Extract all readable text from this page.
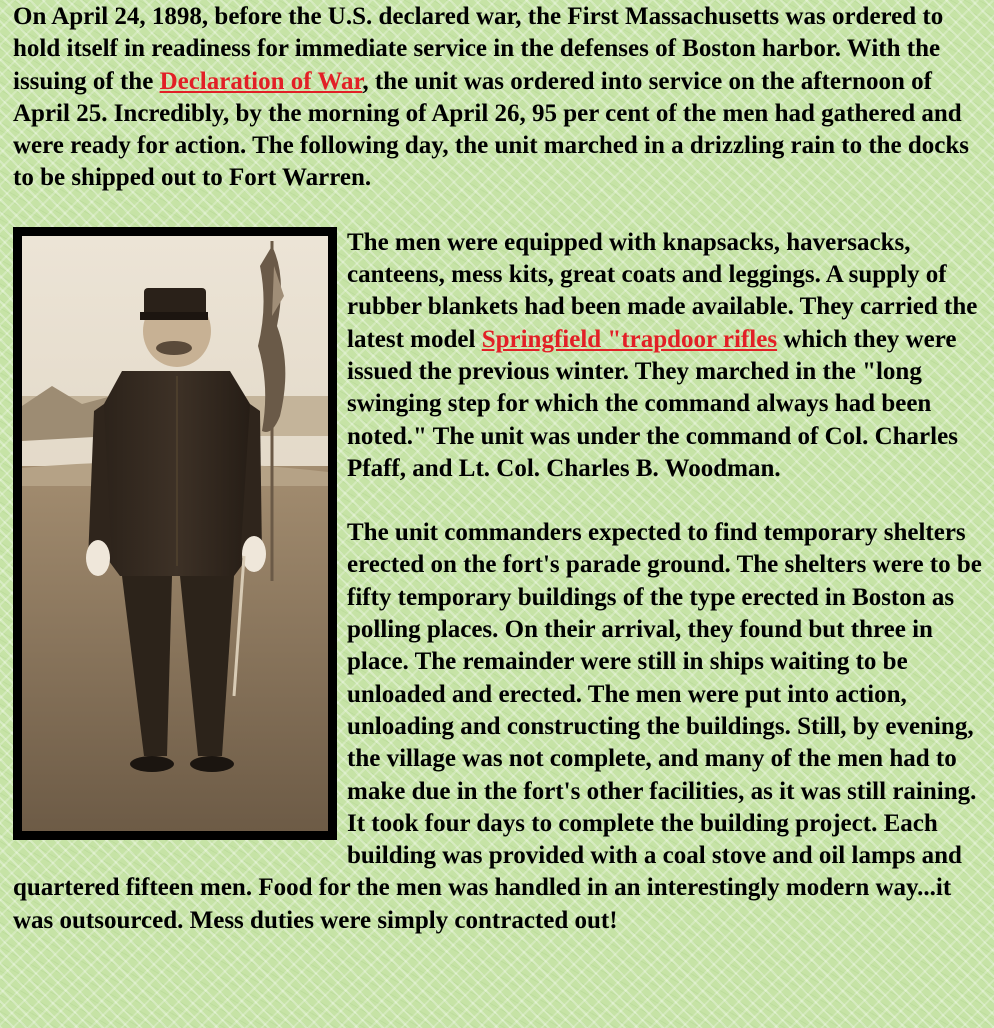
On April 24, 1898, before the U.S. declared war, the First Massachusetts was ordered to hold itself in readiness for immediate service in the defenses of Boston harbor. With the issuing of the Declaration of War, the unit was ordered into service on the afternoon of April 25. Incredibly, by the morning of April 26, 95 per cent of the men had gathered and were ready for action. The following day, the unit marched in a drizzling rain to the docks to be shipped out to Fort Warren.

The men were equipped with knapsacks, haversacks, canteens, mess kits, great coats and leggings. A supply of rubber blankets had been made available. They carried the latest model Springfield "trapdoor rifles which they were issued the previous winter. They marched in the "long swinging step for which the command always had been noted." The unit was under the command of Col. Charles Pfaff, and Lt. Col. Charles B. Woodman.

The unit commanders expected to find temporary shelters erected on the fort's parade ground. The shelters were to be fifty temporary buildings of the type erected in Boston as polling places. On their arrival, they found but three in place. The remainder were still in ships waiting to be unloaded and erected. The men were put into action, unloading and constructing the buildings. Still, by evening, the village was not complete, and many of the men had to make due in the fort's other facilities, as it was still raining. It took four days to complete the building project. Each building was provided with a coal stove and oil lamps and quartered fifteen men. Food for the men was handled in an interestingly modern way...it was outsourced. Mess duties were simply contracted out!
